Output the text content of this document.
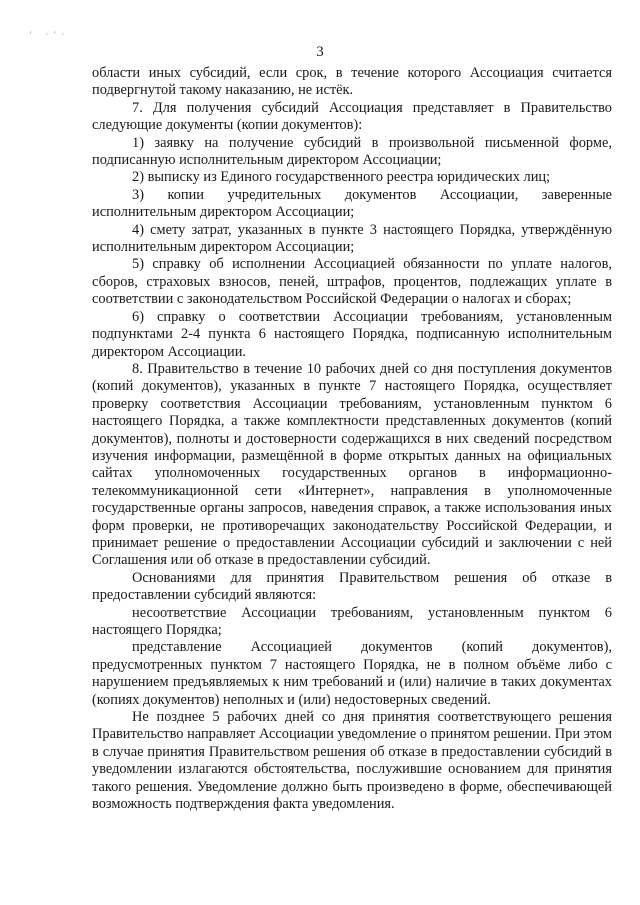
' ·'·
3

области иных субсидий, если срок, в течение которого Ассоциация считается подвергнутой такому наказанию, не истёк.

7. Для получения субсидий Ассоциация представляет в Правительство следующие документы (копии документов):

1) заявку на получение субсидий в произвольной письменной форме, подписанную исполнительным директором Ассоциации;

2) выписку из Единого государственного реестра юридических лиц;

3) копии учредительных документов Ассоциации, заверенные исполнительным директором Ассоциации;

4) смету затрат, указанных в пункте 3 настоящего Порядка, утверждённую исполнительным директором Ассоциации;

5) справку об исполнении Ассоциацией обязанности по уплате налогов, сборов, страховых взносов, пеней, штрафов, процентов, подлежащих уплате в соответствии с законодательством Российской Федерации о налогах и сборах;

6) справку о соответствии Ассоциации требованиям, установленным подпунктами 2-4 пункта 6 настоящего Порядка, подписанную исполнительным директором Ассоциации.

8. Правительство в течение 10 рабочих дней со дня поступления документов (копий документов), указанных в пункте 7 настоящего Порядка, осуществляет проверку соответствия Ассоциации требованиям, установленным пунктом 6 настоящего Порядка, а также комплектности представленных документов (копий документов), полноты и достоверности содержащихся в них сведений посредством изучения информации, размещённой в форме открытых данных на официальных сайтах уполномоченных государственных органов в информационно-телекоммуникационной сети «Интернет», направления в уполномоченные государственные органы запросов, наведения справок, а также использования иных форм проверки, не противоречащих законодательству Российской Федерации, и принимает решение о предоставлении Ассоциации субсидий и заключении с ней Соглашения или об отказе в предоставлении субсидий.

Основаниями для принятия Правительством решения об отказе в предоставлении субсидий являются:

несоответствие Ассоциации требованиям, установленным пунктом 6 настоящего Порядка;

представление Ассоциацией документов (копий документов), предусмотренных пунктом 7 настоящего Порядка, не в полном объёме либо с нарушением предъявляемых к ним требований и (или) наличие в таких документах (копиях документов) неполных и (или) недостоверных сведений.

Не позднее 5 рабочих дней со дня принятия соответствующего решения Правительство направляет Ассоциации уведомление о принятом решении. При этом в случае принятия Правительством решения об отказе в предоставлении субсидий в уведомлении излагаются обстоятельства, послужившие основанием для принятия такого решения. Уведомление должно быть произведено в форме, обеспечивающей возможность подтверждения факта уведомления.
